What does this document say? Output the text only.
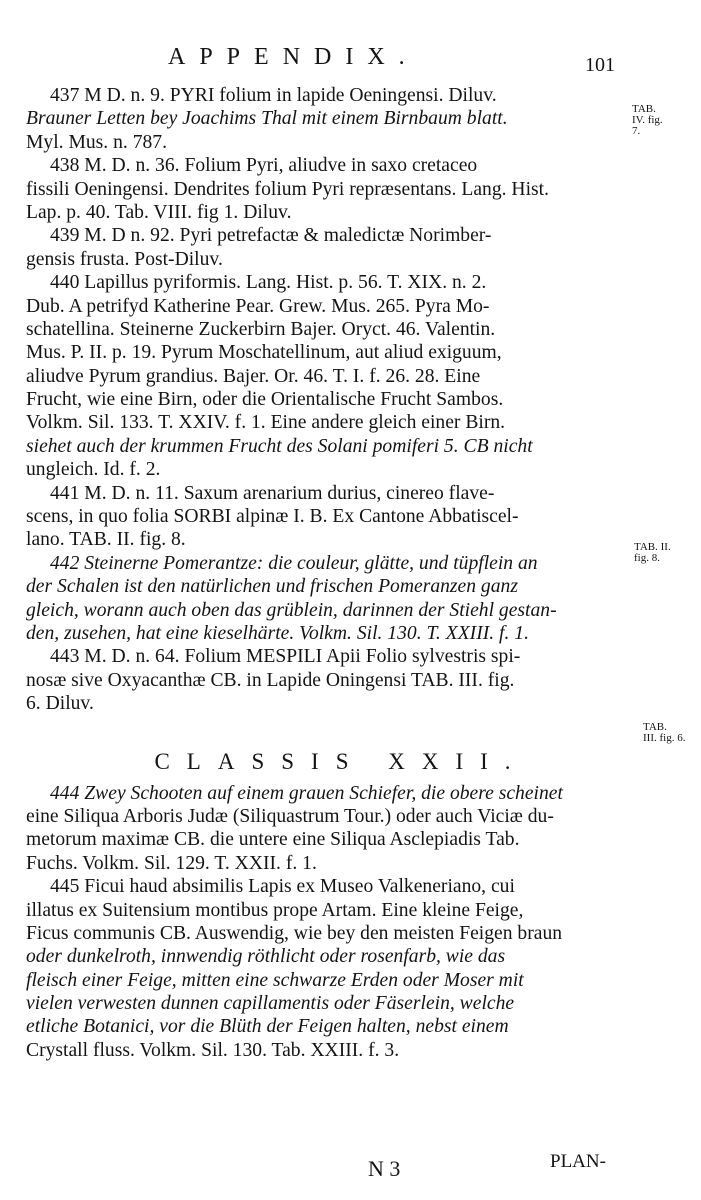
APPENDIX.	101
437 M D. n. 9. PYRI folium in lapide Oeningensi. Diluv.
Brauner Letten bey Joachims Thal mit einem Birnbaum blatt.
Myl. Mus. n. 787.
438 M. D. n. 36. Folium Pyri, aliudve in saxo cretaceo
fissili Oeningensi. Dendrites folium Pyri repræsentans. Lang. Hist.
Lap. p. 40. Tab. VIII. fig 1. Diluv.
439 M. D n. 92. Pyri petrefactæ & maledictæ Norimber-
gensis frusta. Post-Diluv.
440 Lapillus pyriformis. Lang. Hist. p. 56. T. XIX. n. 2.
Dub. A petrifyd Katherine Pear. Grew. Mus. 265. Pyra Mo-
schatellina. Steinerne Zuckerbirn Bajer. Oryct. 46. Valentin.
Mus. P. II. p. 19. Pyrum Moschatellinum, aut aliud exiguum,
aliudve Pyrum grandius. Bajer. Or. 46. T. I. f. 26. 28. Eine
Frucht, wie eine Birn, oder die Orientalische Frucht Sambos.
Volkm. Sil. 133. T. XXIV. f. 1. Eine andere gleich einer Birn.
siehet auch der krummen Frucht des Solani pomiferi 5. CB nicht
ungleich. Id. f. 2.
441 M. D. n. 11. Saxum arenarium durius, cinereo flave-
scens, in quo folia SORBI alpinæ I. B. Ex Cantone Abbatiscel-
lano. TAB. II. fig. 8.
442 Steinerne Pomerantze: die couleur, glätte, und tüpflein an
der Schalen ist den natürlichen und frischen Pomeranzen ganz
gleich, worann auch oben das grüblein, darinnen der Stiehl gestan-
den, zusehen, hat eine kieselhärte. Volkm. Sil. 130. T. XXIII. f. 1.
443 M. D. n. 64. Folium MESPILI Apii Folio sylvestris spi-
nosæ sive Oxyacanthæ CB. in Lapide Oningensi TAB. III. fig.
6. Diluv.
CLASSIS XXII.
444 Zwey Schooten auf einem grauen Schiefer, die obere scheinet
eine Siliqua Arboris Judæ (Siliquastrum Tour.) oder auch Viciæ du-
metorum maximæ CB. die untere eine Siliqua Asclepiadis Tab.
Fuchs. Volkm. Sil. 129. T. XXII. f. 1.
445 Ficui haud absimilis Lapis ex Museo Valkeneriano, cui
illatus ex Suitensium montibus prope Artam. Eine kleine Feige,
Ficus communis CB. Auswendig, wie bey den meisten Feigen braun
oder dunkelroth, innwendig röthlicht oder rosenfarb, wie das
fleisch einer Feige, mitten eine schwarze Erden oder Moser mit
vielen verwesten dunnen capillamentis oder Fäserlein, welche
etliche Botanici, vor die Blüth der Feigen halten, nebst einem
Crystall fluss. Volkm. Sil. 130. Tab. XXIII. f. 3.
TAB.
IV. fig.
7.
TAB. II.
fig. 8.
TAB.
III. fig. 6.
N 3	PLAN-
